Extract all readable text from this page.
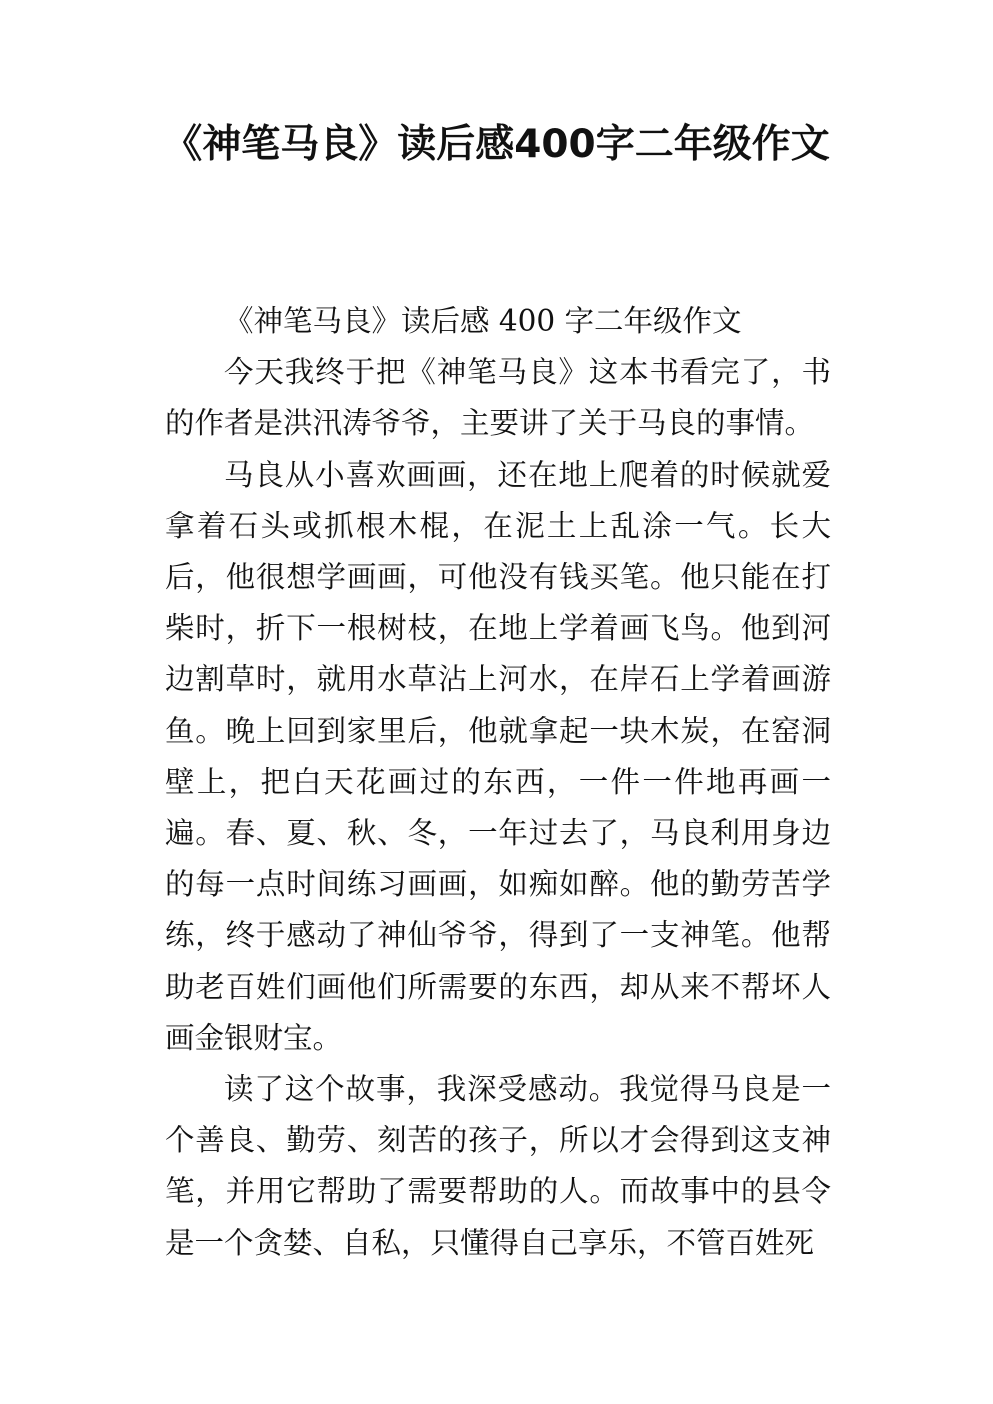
《神笔马良》读后感400字二年级作文

《神笔马良》读后感 400 字二年级作文

今天我终于把《神笔马良》这本书看完了，书的作者是洪汛涛爷爷，主要讲了关于马良的事情。

马良从小喜欢画画，还在地上爬着的时候就爱拿着石头或抓根木棍，在泥土上乱涂一气。长大后，他很想学画画，可他没有钱买笔。他只能在打柴时，折下一根树枝，在地上学着画飞鸟。他到河边割草时，就用水草沾上河水，在岸石上学着画游鱼。晚上回到家里后，他就拿起一块木炭，在窑洞壁上，把白天花画过的东西，一件一件地再画一遍。春、夏、秋、冬，一年过去了，马良利用身边的每一点时间练习画画，如痴如醉。他的勤劳苦学练，终于感动了神仙爷爷，得到了一支神笔。他帮助老百姓们画他们所需要的东西，却从来不帮坏人画金银财宝。

读了这个故事，我深受感动。我觉得马良是一个善良、勤劳、刻苦的孩子，所以才会得到这支神笔，并用它帮助了需要帮助的人。而故事中的县令是一个贪婪、自私，只懂得自己享乐，不管百姓死
